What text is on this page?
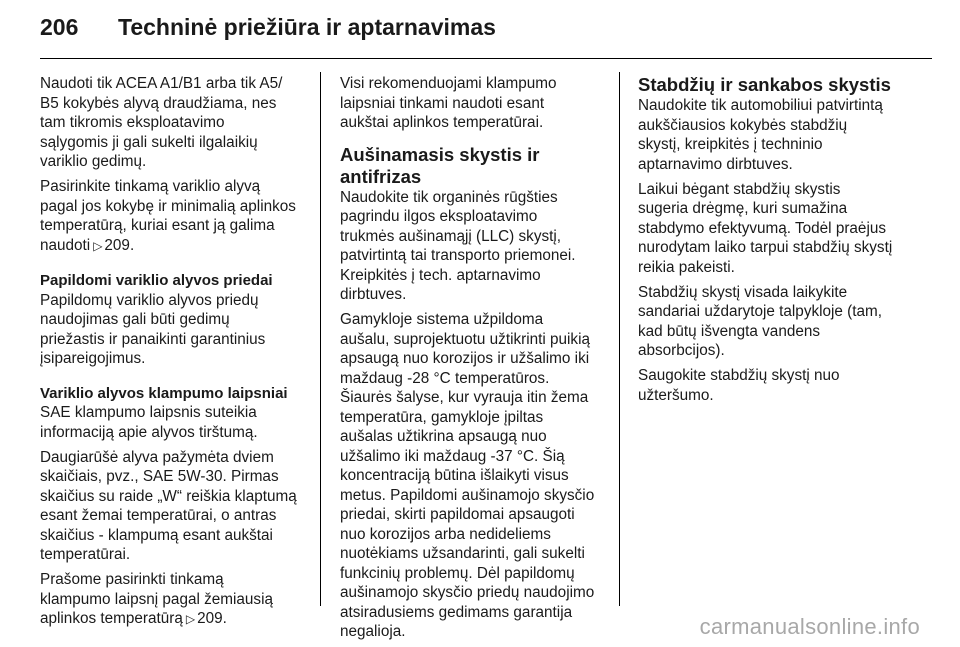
206	Techninė priežiūra ir aptarnavimas

Naudoti tik ACEA A1/B1 arba tik A5/
B5 kokybės alyvą draudžiama, nes
tam tikromis eksploatavimo
sąlygomis ji gali sukelti ilgalaikių
variklio gedimų.

Pasirinkite tinkamą variklio alyvą
pagal jos kokybę ir minimalią aplinkos
temperatūrą, kuriai esant ją galima
naudoti ▷ 209.

Papildomi variklio alyvos priedai

Papildomų variklio alyvos priedų
naudojimas gali būti gedimų
priežastis ir panaikinti garantinius
įsipareigojimus.

Variklio alyvos klampumo laipsniai

SAE klampumo laipsnis suteikia
informaciją apie alyvos tirštumą.

Daugiarūšė alyva pažymėta dviem
skaičiais, pvz., SAE 5W-30. Pirmas
skaičius su raide „W“ reiškia klaptumą
esant žemai temperatūrai, o antras
skaičius - klampumą esant aukštai
temperatūrai.

Prašome pasirinkti tinkamą
klampumo laipsnį pagal žemiausią
aplinkos temperatūrą ▷ 209.

Visi rekomenduojami klampumo
laipsniai tinkami naudoti esant
aukštai aplinkos temperatūrai.

Aušinamasis skystis ir antifrizas

Naudokite tik organinės rūgšties
pagrindu ilgos eksploatavimo
trukmės aušinamąjį (LLC) skystį,
patvirtintą tai transporto priemonei.
Kreipkitės į tech. aptarnavimo
dirbtuves.

Gamykloje sistema užpildoma
aušalu, suprojektuotu užtikrinti puikią
apsaugą nuo korozijos ir užšalimo iki
maždaug -28 °C temperatūros.
Šiaurės šalyse, kur vyrauja itin žema
temperatūra, gamykloje įpiltas
aušalas užtikrina apsaugą nuo
užšalimo iki maždaug -37 °C. Šią
koncentraciją būtina išlaikyti visus
metus. Papildomi aušinamojo skysčio
priedai, skirti papildomai apsaugoti
nuo korozijos arba nedideliems
nuotėkiams užsandarinti, gali sukelti
funkcinių problemų. Dėl papildomų
aušinamojo skysčio priedų naudojimo
atsiradusiems gedimams garantija
negalioja.

Stabdžių ir sankabos skystis

Naudokite tik automobiliui patvirtintą
aukščiausios kokybės stabdžių
skystį, kreipkitės į techninio
aptarnavimo dirbtuves.

Laikui bėgant stabdžių skystis
sugeria drėgmę, kuri sumažina
stabdymo efektyvumą. Todėl praėjus
nurodytam laiko tarpui stabdžių skystį
reikia pakeisti.

Stabdžių skystį visada laikykite
sandariai uždarytoje talpykloje (tam,
kad būtų išvengta vandens
absorbcijos).

Saugokite stabdžių skystį nuo
užteršumo.

carmanualsonline.info
